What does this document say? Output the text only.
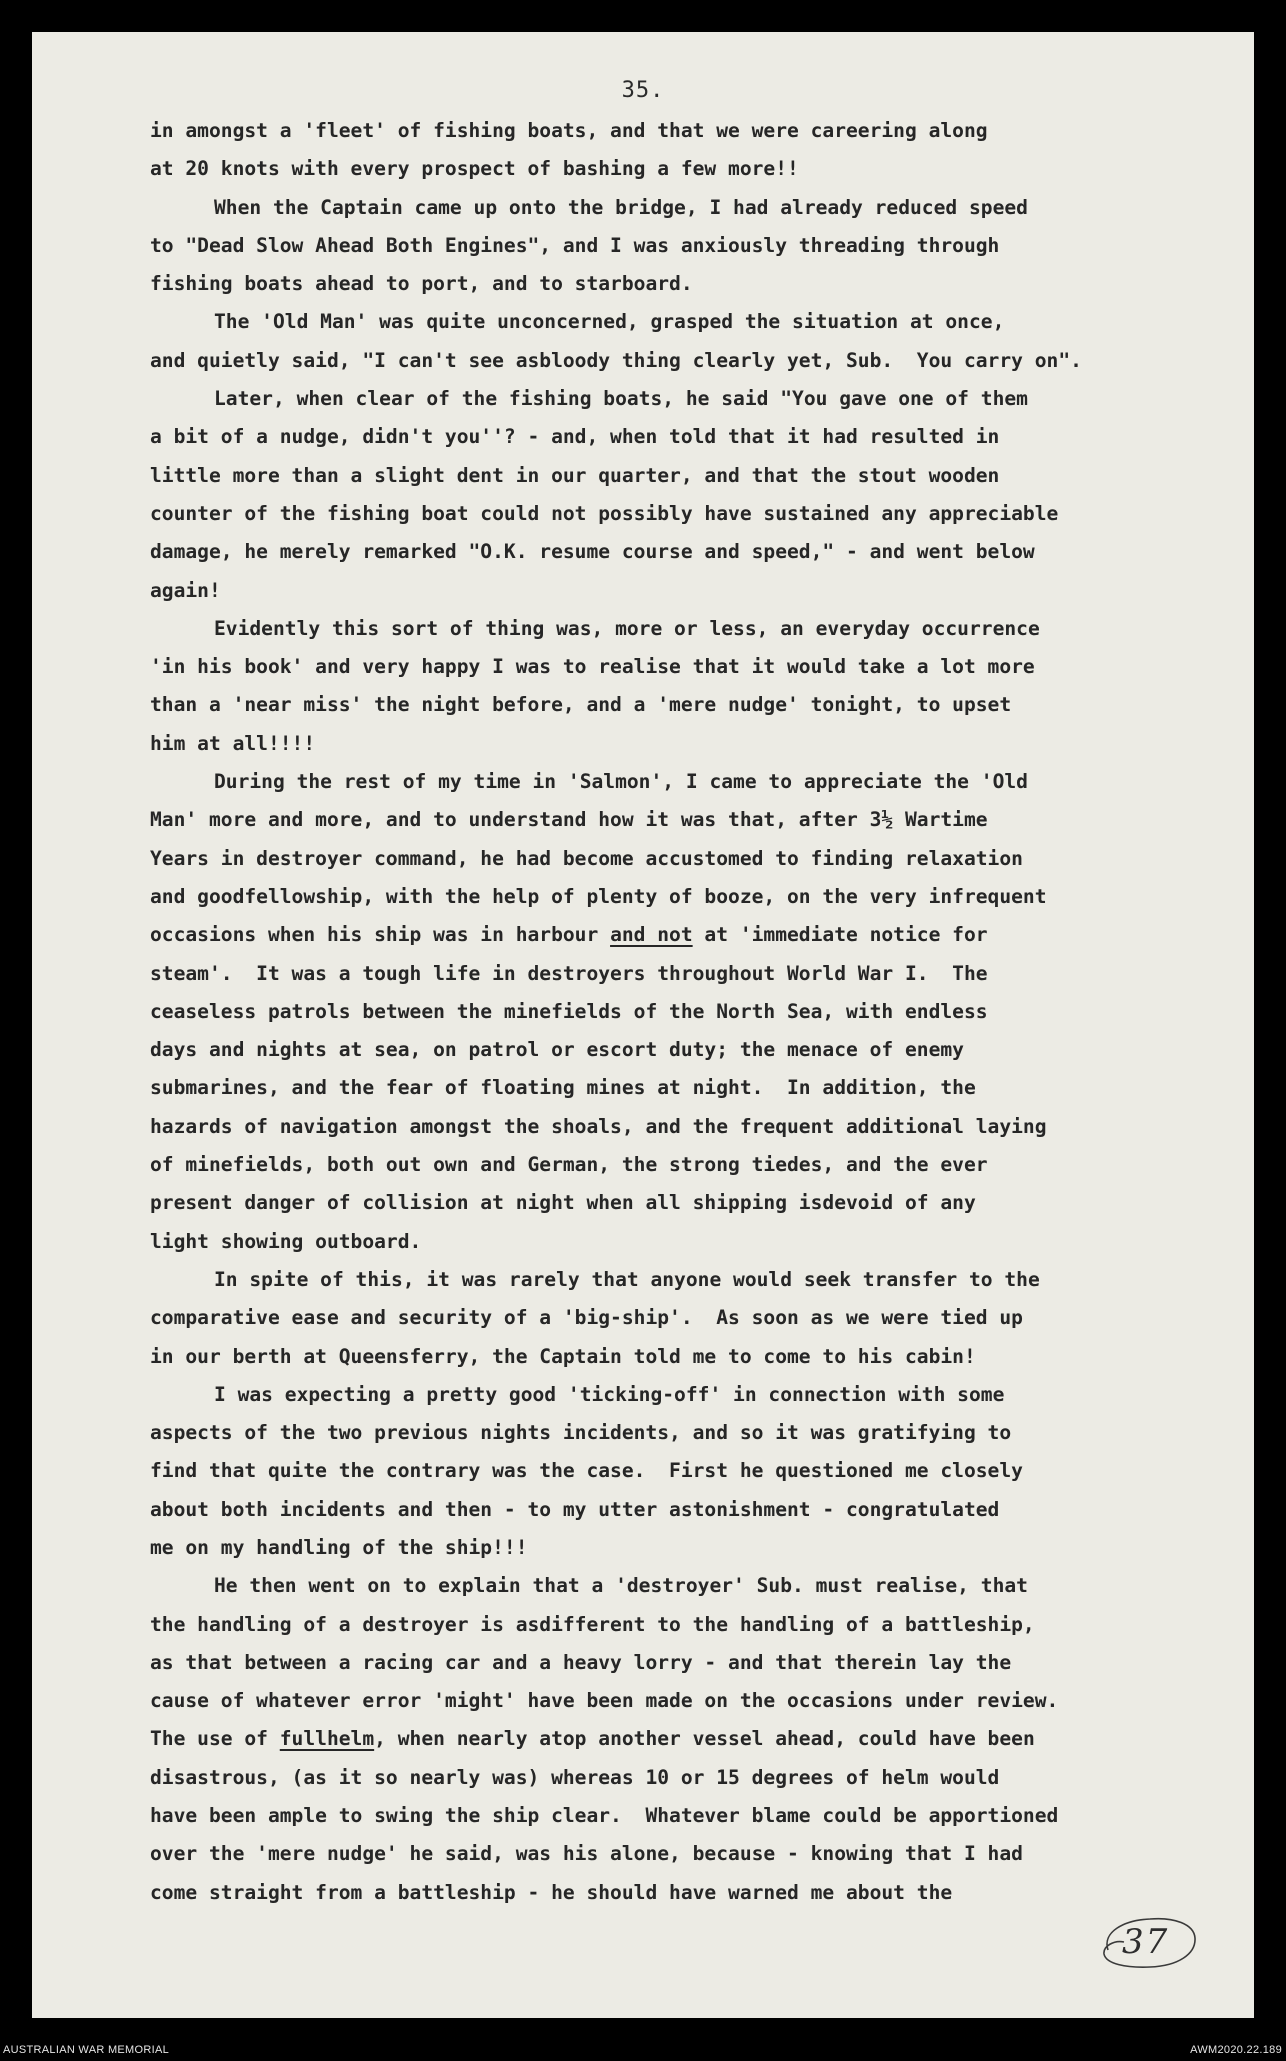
35.
in amongst a 'fleet' of fishing boats, and that we were careering along
at 20 knots with every prospect of bashing a few more!!
When the Captain came up onto the bridge, I had already reduced speed
to "Dead Slow Ahead Both Engines", and I was anxiously threading through
fishing boats ahead to port, and to starboard.
The 'Old Man' was quite unconcerned, grasped the situation at once,
and quietly said, "I can't see asbloody thing clearly yet, Sub.  You carry on".
Later, when clear of the fishing boats, he said "You gave one of them
a bit of a nudge, didn't you''? - and, when told that it had resulted in
little more than a slight dent in our quarter, and that the stout wooden
counter of the fishing boat could not possibly have sustained any appreciable
damage, he merely remarked "O.K. resume course and speed," - and went below
again!
Evidently this sort of thing was, more or less, an everyday occurrence
'in his book' and very happy I was to realise that it would take a lot more
than a 'near miss' the night before, and a 'mere nudge' tonight, to upset
him at all!!!!
During the rest of my time in 'Salmon', I came to appreciate the 'Old
Man' more and more, and to understand how it was that, after 3½ Wartime
Years in destroyer command, he had become accustomed to finding relaxation
and goodfellowship, with the help of plenty of booze, on the very infrequent
occasions when his ship was in harbour and not at 'immediate notice for
steam'.  It was a tough life in destroyers throughout World War I.  The
ceaseless patrols between the minefields of the North Sea, with endless
days and nights at sea, on patrol or escort duty; the menace of enemy
submarines, and the fear of floating mines at night.  In addition, the
hazards of navigation amongst the shoals, and the frequent additional laying
of minefields, both out own and German, the strong tiedes, and the ever
present danger of collision at night when all shipping isdevoid of any
light showing outboard.
In spite of this, it was rarely that anyone would seek transfer to the
comparative ease and security of a 'big-ship'.  As soon as we were tied up
in our berth at Queensferry, the Captain told me to come to his cabin!
I was expecting a pretty good 'ticking-off' in connection with some
aspects of the two previous nights incidents, and so it was gratifying to
find that quite the contrary was the case.  First he questioned me closely
about both incidents and then - to my utter astonishment - congratulated
me on my handling of the ship!!!
He then went on to explain that a 'destroyer' Sub. must realise, that
the handling of a destroyer is asdifferent to the handling of a battleship,
as that between a racing car and a heavy lorry - and that therein lay the
cause of whatever error 'might' have been made on the occasions under review.
The use of fullhelm, when nearly atop another vessel ahead, could have been
disastrous, (as it so nearly was) whereas 10 or 15 degrees of helm would
have been ample to swing the ship clear.  Whatever blame could be apportioned
over the 'mere nudge' he said, was his alone, because - knowing that I had
come straight from a battleship - he should have warned me about the
37
AUSTRALIAN WAR MEMORIAL	AWM2020.22.189
